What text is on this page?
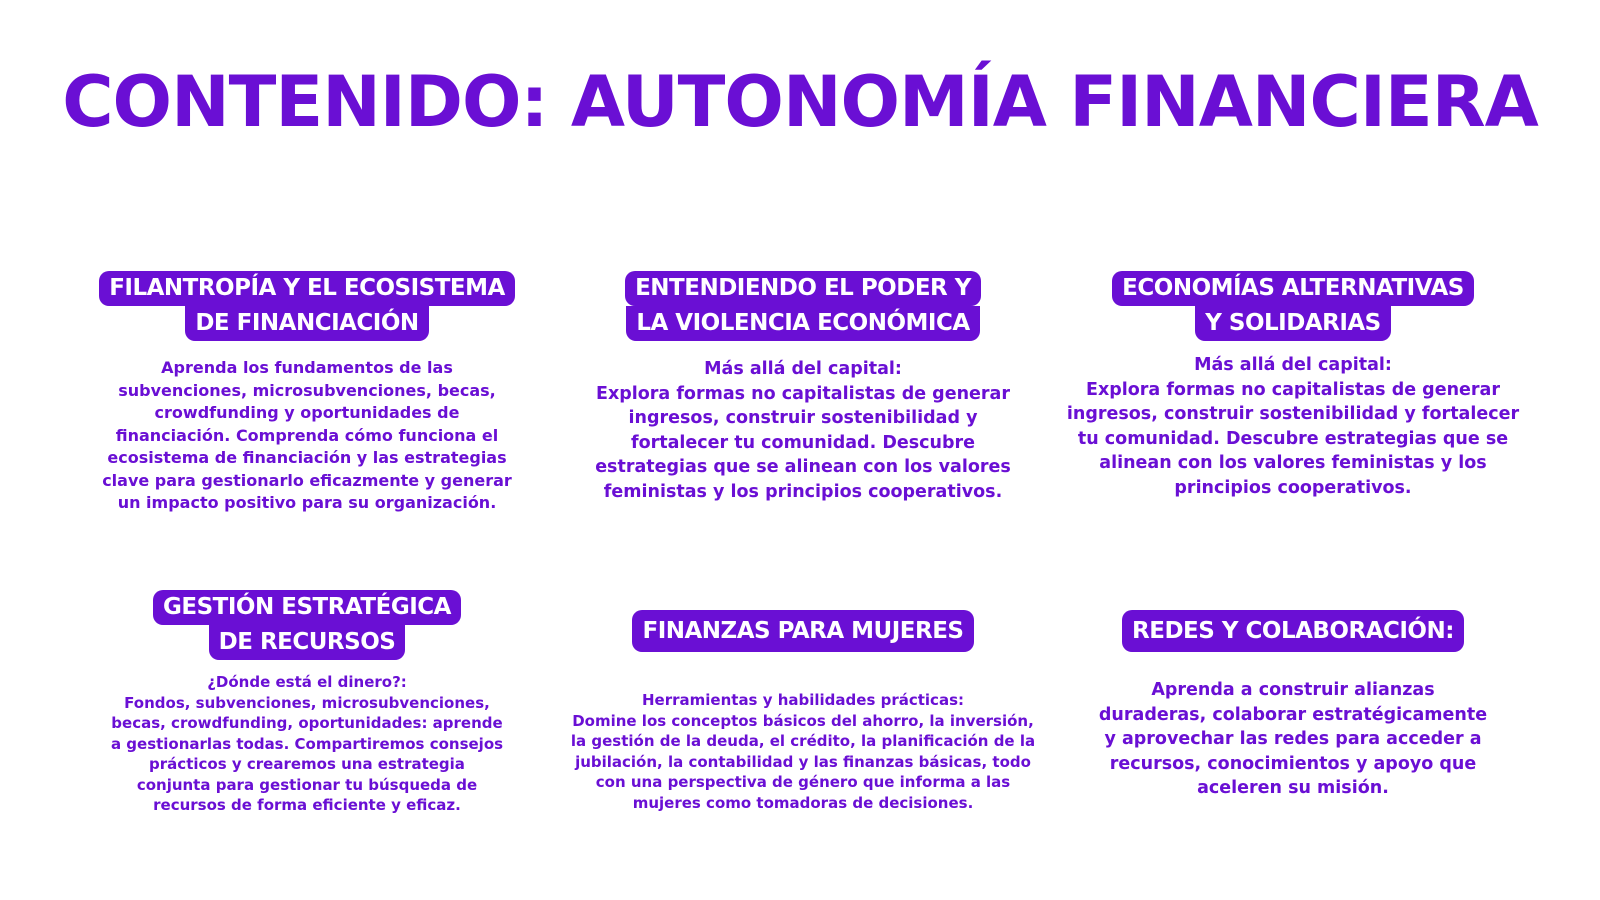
CONTENIDO: AUTONOMÍA FINANCIERA
FILANTROPÍA Y EL ECOSISTEMA
DE FINANCIACIÓN
Aprenda los fundamentos de las
subvenciones, microsubvenciones, becas,
crowdfunding y oportunidades de
financiación. Comprenda cómo funciona el
ecosistema de financiación y las estrategias
clave para gestionarlo eficazmente y generar
un impacto positivo para su organización.
ENTENDIENDO EL PODER Y
LA VIOLENCIA ECONÓMICA
Más allá del capital:
Explora formas no capitalistas de generar
ingresos, construir sostenibilidad y
fortalecer tu comunidad. Descubre
estrategias que se alinean con los valores
feministas y los principios cooperativos.
ECONOMÍAS ALTERNATIVAS
Y SOLIDARIAS
Más allá del capital:
Explora formas no capitalistas de generar
ingresos, construir sostenibilidad y fortalecer
tu comunidad. Descubre estrategias que se
alinean con los valores feministas y los
principios cooperativos.
GESTIÓN ESTRATÉGICA
DE RECURSOS
¿Dónde está el dinero?:
Fondos, subvenciones, microsubvenciones,
becas, crowdfunding, oportunidades: aprende
a gestionarlas todas. Compartiremos consejos
prácticos y crearemos una estrategia
conjunta para gestionar tu búsqueda de
recursos de forma eficiente y eficaz.
FINANZAS PARA MUJERES
Herramientas y habilidades prácticas:
Domine los conceptos básicos del ahorro, la inversión,
la gestión de la deuda, el crédito, la planificación de la
jubilación, la contabilidad y las finanzas básicas, todo
con una perspectiva de género que informa a las
mujeres como tomadoras de decisiones.
REDES Y COLABORACIÓN:
Aprenda a construir alianzas
duraderas, colaborar estratégicamente
y aprovechar las redes para acceder a
recursos, conocimientos y apoyo que
aceleren su misión.
